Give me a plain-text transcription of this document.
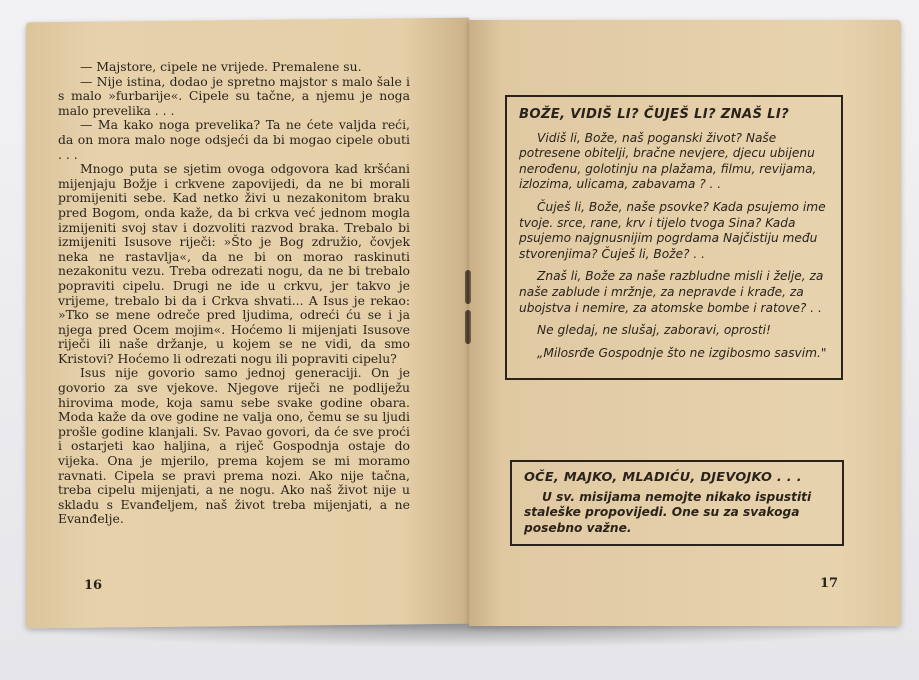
— Majstore, cipele ne vrijede. Premalene su.

— Nije istina, dodao je spretno majstor s malo šale i s malo »furbarije«. Cipele su tačne, a njemu je noga malo prevelika . . .

— Ma kako noga prevelika? Ta ne ćete valjda reći, da on mora malo noge odsjeći da bi mogao cipele obuti . . .

Mnogo puta se sjetim ovoga odgovora kad kršćani mijenjaju Božje i crkvene zapovijedi, da ne bi morali promijeniti sebe. Kad netko živi u nezakonitom braku pred Bogom, onda kaže, da bi crkva već jednom mogla izmijeniti svoj stav i dozvoliti razvod braka. Trebalo bi izmijeniti Isusove riječi: »Što je Bog združio, čovjek neka ne rastavlja«, da ne bi on morao raskinuti nezakonitu vezu. Treba odrezati nogu, da ne bi trebalo popraviti cipelu. Drugi ne ide u crkvu, jer takvo je vrijeme, trebalo bi da i Crkva shvati... A Isus je rekao: »Tko se mene odreče pred ljudima, odreći ću se i ja njega pred Ocem mojim«. Hoćemo li mijenjati Isusove riječi ili naše držanje, u kojem se ne vidi, da smo Kristovi? Hoćemo li odrezati nogu ili popraviti cipelu?

Isus nije govorio samo jednoj generaciji. On je govorio za sve vjekove. Njegove riječi ne podliježu hirovima mode, koja samu sebe svake godine obara. Moda kaže da ove godine ne valja ono, čemu se su ljudi prošle godine klanjali. Sv. Pavao govori, da će sve proći i ostarjeti kao haljina, a riječ Gospodnja ostaje do vijeka. Ona je mjerilo, prema kojem se mi moramo ravnati. Cipela se pravi prema nozi. Ako nije tačna, treba cipelu mijenjati, a ne nogu. Ako naš život nije u skladu s Evanđeljem, naš život treba mijenjati, a ne Evanđelje.

16
BOŽE, VIDIŠ LI? ČUJEŠ LI? ZNAŠ LI?

Vidiš li, Bože, naš poganski život? Naše potresene obitelji, bračne nevjere, djecu ubijenu nerođenu, golotinju na plažama, filmu, revijama, izlozima, ulicama, zabavama ? . .

Čuješ li, Bože, naše psovke? Kada psujemo ime tvoje. srce, rane, krv i tijelo tvoga Sina? Kada psujemo najgnusnijim pogrdama Najčistiju među stvorenjima? Čuješ li, Bože? . .

Znaš li, Bože za naše razbludne misli i želje, za naše zablude i mržnje, za nepravde i krađe, za ubojstva i nemire, za atomske bombe i ratove? . .

Ne gledaj, ne slušaj, zaboravi, oprosti!

„Milosrđe Gospodnje što ne izgibosmo sasvim."

OČE, MAJKO, MLADIĆU, DJEVOJKO . . .

U sv. misijama nemojte nikako ispustiti staleške propovijedi. One su za svakoga posebno važne.

17
